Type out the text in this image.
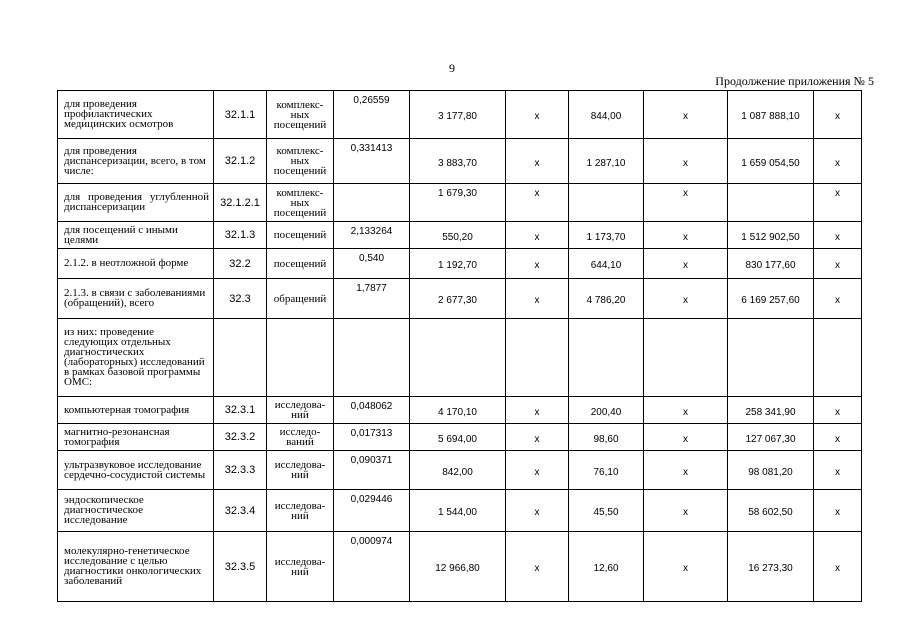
9
Продолжение приложения № 5
для проведения профилактических медицинских осмотров	32.1.1	комплекс-ных посещений	0,26559	3 177,80	х	844,00	х	1 087 888,10	х
для проведения диспансеризации, всего, в том числе:	32.1.2	комплекс-ных посещений	0,331413	3 883,70	х	1 287,10	х	1 659 054,50	х
для проведения углубленной диспансеризации	32.1.2.1	комплекс-ных посещений		1 679,30	х		х		х
для посещений с иными целями	32.1.3	посещений	2,133264	550,20	х	1 173,70	х	1 512 902,50	х
2.1.2. в неотложной форме	32.2	посещений	0,540	1 192,70	х	644,10	х	830 177,60	х
2.1.3. в связи с заболеваниями (обращений), всего	32.3	обращений	1,7877	2 677,30	х	4 786,20	х	6 169 257,60	х
из них: проведение следующих отдельных диагностических (лабораторных) исследований в рамках базовой программы ОМС:									
компьютерная томография	32.3.1	исследова-ний	0,048062	4 170,10	х	200,40	х	258 341,90	х
магнитно-резонансная томография	32.3.2	исследо-ваний	0,017313	5 694,00	х	98,60	х	127 067,30	х
ультразвуковое исследование сердечно-сосудистой системы	32.3.3	исследова-ний	0,090371	842,00	х	76,10	х	98 081,20	х
эндоскопическое диагностическое исследование	32.3.4	исследова-ний	0,029446	1 544,00	х	45,50	х	58 602,50	х
молекулярно-генетическое исследование с целью диагностики онкологических заболеваний	32.3.5	исследова-ний	0,000974	12 966,80	х	12,60	х	16 273,30	х
